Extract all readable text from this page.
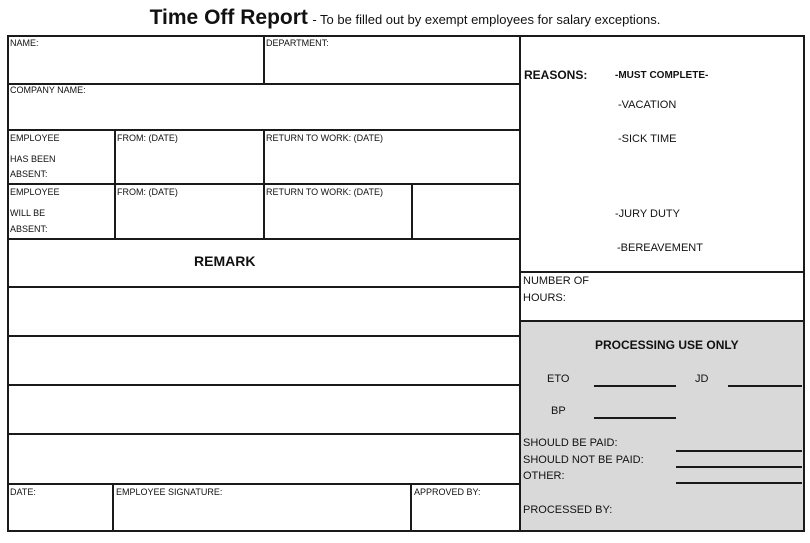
Time Off Report - To be filled out by exempt employees for salary exceptions.
NAME:	DEPARTMENT:
COMPANY NAME:
EMPLOYEE
HAS BEEN
ABSENT:
FROM: (DATE)	RETURN TO WORK: (DATE)
EMPLOYEE
WILL BE
ABSENT:
FROM: (DATE)	RETURN TO WORK: (DATE)
REMARK
DATE:	EMPLOYEE SIGNATURE:	APPROVED BY:
REASONS:	-MUST COMPLETE-
-VACATION
-SICK TIME
-JURY DUTY
-BEREAVEMENT
NUMBER OF
HOURS:
PROCESSING USE ONLY
ETO	JD
BP
SHOULD BE PAID:
SHOULD NOT BE PAID:
OTHER:
PROCESSED BY:
